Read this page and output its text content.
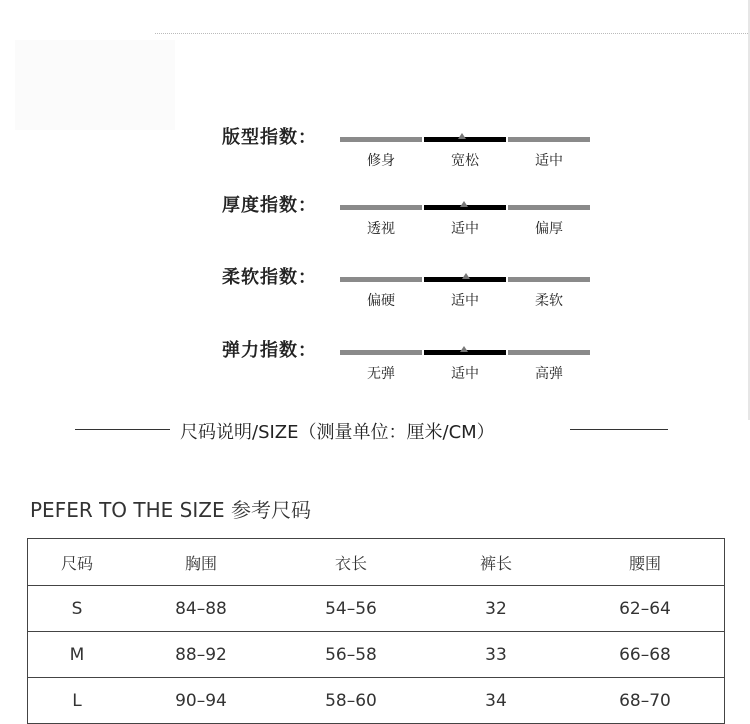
版型指数：
修身	宽松	适中
厚度指数：
透视	适中	偏厚
柔软指数：
偏硬	适中	柔软
弹力指数：
无弹	适中	高弹
尺码说明/SIZE（测量单位：厘米/CM）
PEFER TO THE SIZE 参考尺码
尺码	胸围	衣长	裤长	腰围
S	84–88	54–56	32	62–64
M	88–92	56–58	33	66–68
L	90–94	58–60	34	68–70
